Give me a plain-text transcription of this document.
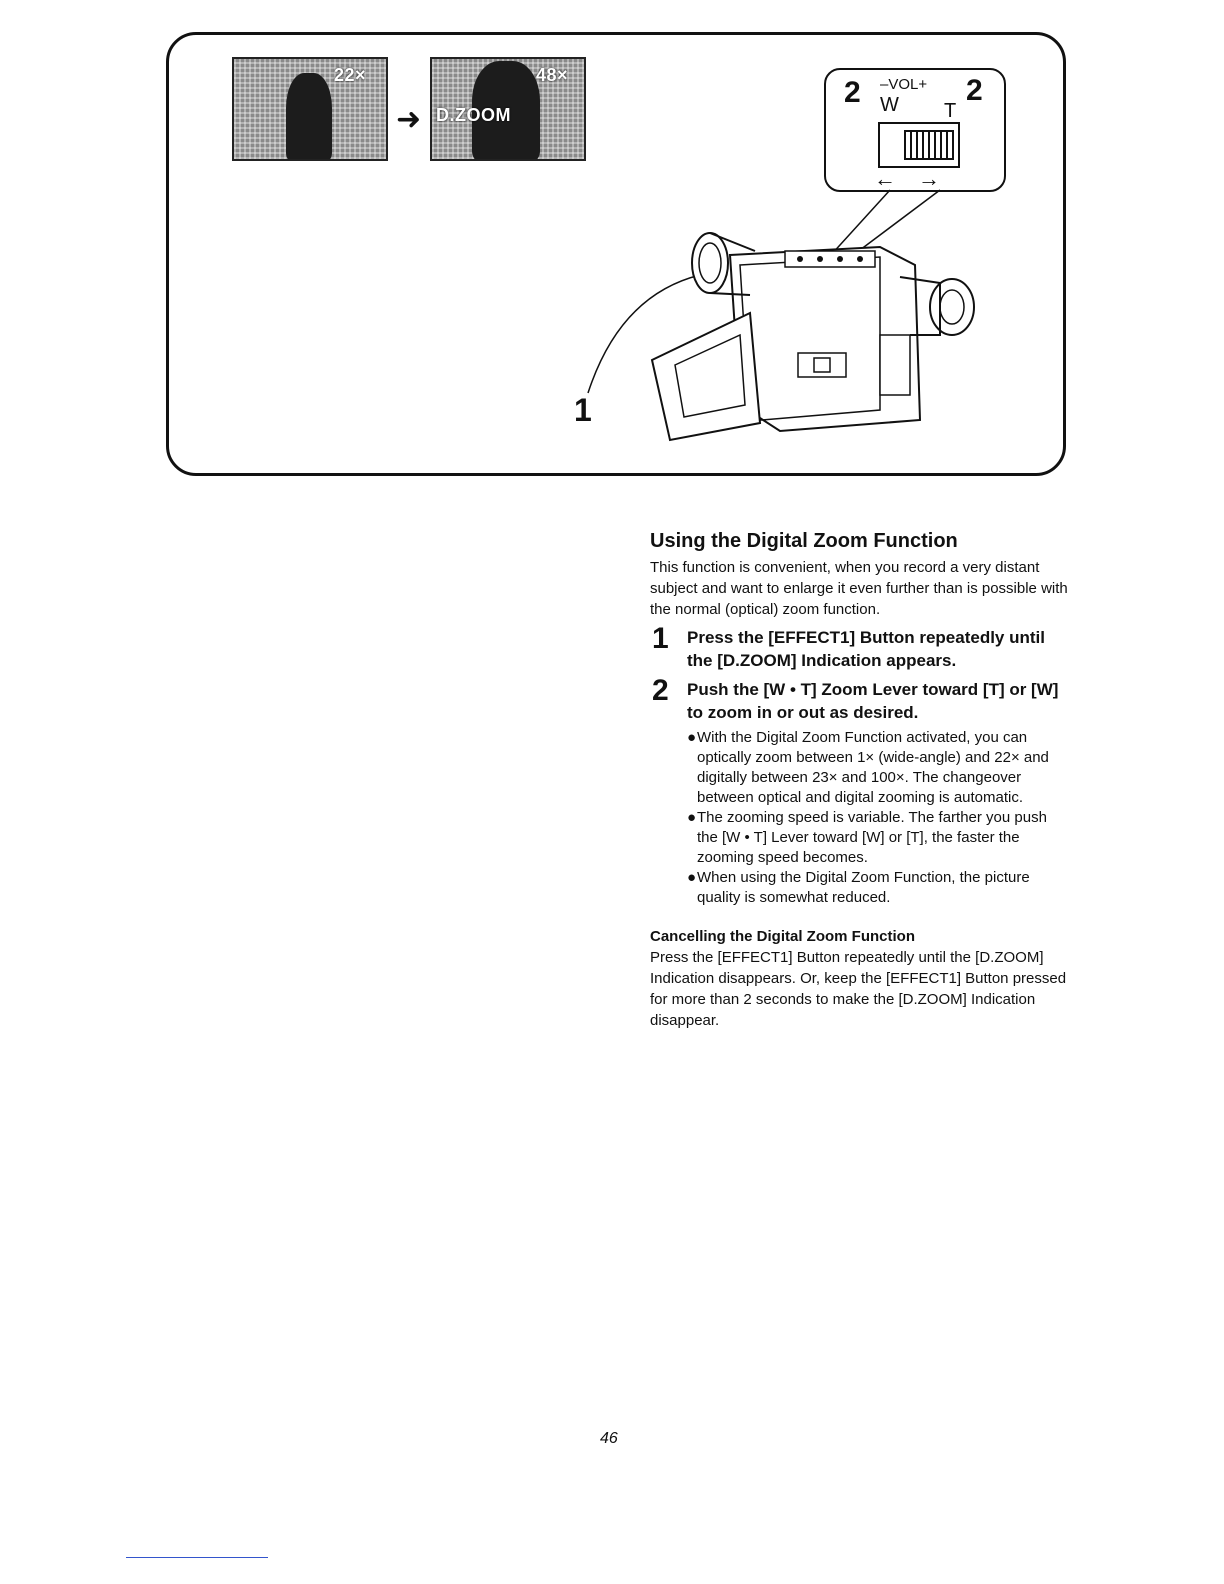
22×
➜
48×
D.ZOOM
2 –VOL+
W T
2
←→
1
Using the Digital Zoom Function

This function is convenient, when you record a very distant subject and want to enlarge it even further than is possible with the normal (optical) zoom function.

1 Press the [EFFECT1] Button repeatedly until the [D.ZOOM] Indication appears.
2 Push the [W • T] Zoom Lever toward [T] or [W] to zoom in or out as desired.
● With the Digital Zoom Function activated, you can optically zoom between 1× (wide-angle) and 22× and digitally between 23× and 100×. The changeover between optical and digital zooming is automatic.
● The zooming speed is variable. The farther you push the [W • T] Lever toward [W] or [T], the faster the zooming speed becomes.
● When using the Digital Zoom Function, the picture quality is somewhat reduced.
Cancelling the Digital Zoom Function

Press the [EFFECT1] Button repeatedly until the [D.ZOOM] Indication disappears. Or, keep the [EFFECT1] Button pressed for more than 2 seconds to make the [D.ZOOM] Indication disappear.

46
